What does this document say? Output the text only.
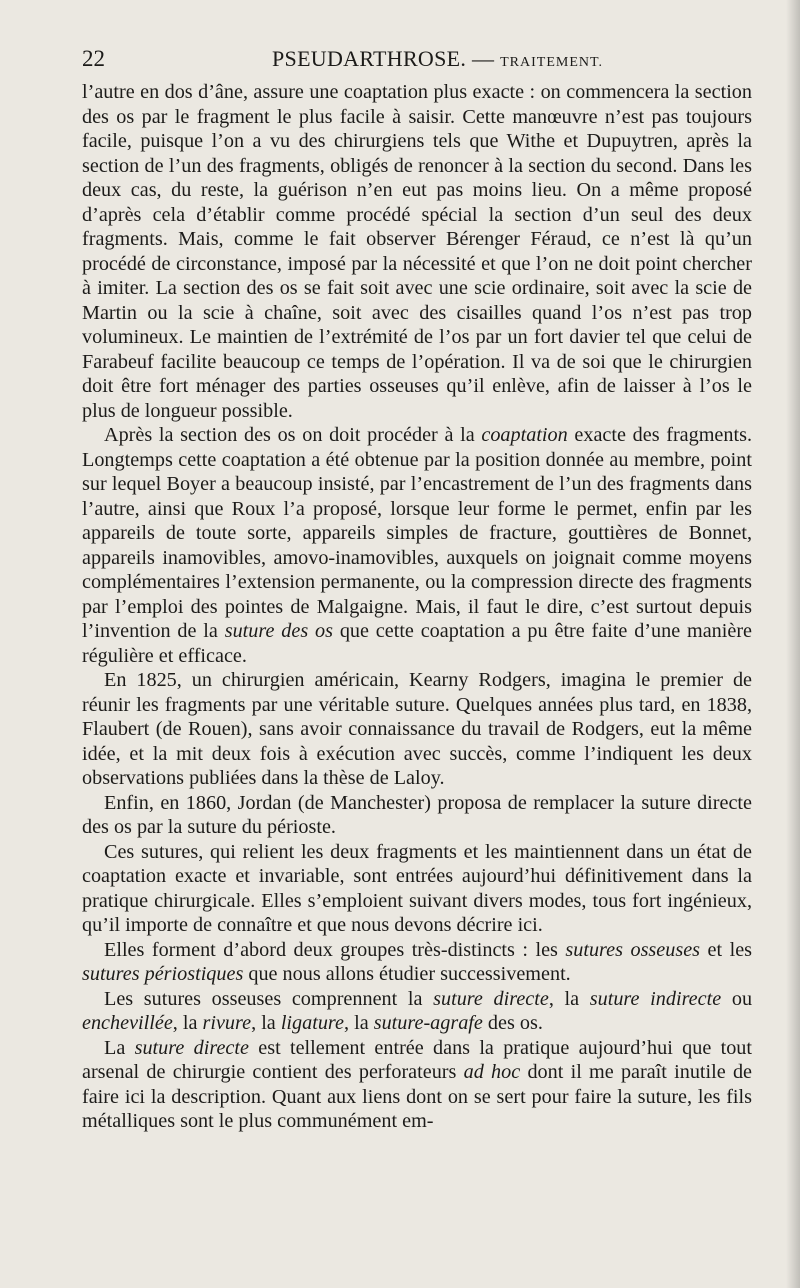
22	PSEUDARTHROSE. — TRAITEMENT.

l’autre en dos d’âne, assure une coaptation plus exacte : on commencera la section des os par le fragment le plus facile à saisir. Cette manœuvre n’est pas toujours facile, puisque l’on a vu des chirurgiens tels que Withe et Dupuytren, après la section de l’un des fragments, obligés de renoncer à la section du second. Dans les deux cas, du reste, la guérison n’en eut pas moins lieu. On a même proposé d’après cela d’établir comme procédé spécial la section d’un seul des deux fragments. Mais, comme le fait observer Bérenger Féraud, ce n’est là qu’un procédé de circonstance, imposé par la nécessité et que l’on ne doit point chercher à imiter. La section des os se fait soit avec une scie ordinaire, soit avec la scie de Martin ou la scie à chaîne, soit avec des cisailles quand l’os n’est pas trop volumineux. Le maintien de l’extrémité de l’os par un fort davier tel que celui de Farabeuf facilite beaucoup ce temps de l’opération. Il va de soi que le chirurgien doit être fort ménager des parties osseuses qu’il enlève, afin de laisser à l’os le plus de longueur possible.

Après la section des os on doit procéder à la coaptation exacte des fragments. Longtemps cette coaptation a été obtenue par la position donnée au membre, point sur lequel Boyer a beaucoup insisté, par l’encastrement de l’un des fragments dans l’autre, ainsi que Roux l’a proposé, lorsque leur forme le permet, enfin par les appareils de toute sorte, appareils simples de fracture, gouttières de Bonnet, appareils inamovibles, amovo-inamovibles, auxquels on joignait comme moyens complémentaires l’extension permanente, ou la compression directe des fragments par l’emploi des pointes de Malgaigne. Mais, il faut le dire, c’est surtout depuis l’invention de la suture des os que cette coaptation a pu être faite d’une manière régulière et efficace.

En 1825, un chirurgien américain, Kearny Rodgers, imagina le premier de réunir les fragments par une véritable suture. Quelques années plus tard, en 1838, Flaubert (de Rouen), sans avoir connaissance du travail de Rodgers, eut la même idée, et la mit deux fois à exécution avec succès, comme l’indiquent les deux observations publiées dans la thèse de Laloy.

Enfin, en 1860, Jordan (de Manchester) proposa de remplacer la suture directe des os par la suture du périoste.

Ces sutures, qui relient les deux fragments et les maintiennent dans un état de coaptation exacte et invariable, sont entrées aujourd’hui définitivement dans la pratique chirurgicale. Elles s’emploient suivant divers modes, tous fort ingénieux, qu’il importe de connaître et que nous devons décrire ici.

Elles forment d’abord deux groupes très-distincts : les sutures osseuses et les sutures périostiques que nous allons étudier successivement.

Les sutures osseuses comprennent la suture directe, la suture indirecte ou enchevillée, la rivure, la ligature, la suture-agrafe des os.

La suture directe est tellement entrée dans la pratique aujourd’hui que tout arsenal de chirurgie contient des perforateurs ad hoc dont il me paraît inutile de faire ici la description. Quant aux liens dont on se sert pour faire la suture, les fils métalliques sont le plus communément em-
